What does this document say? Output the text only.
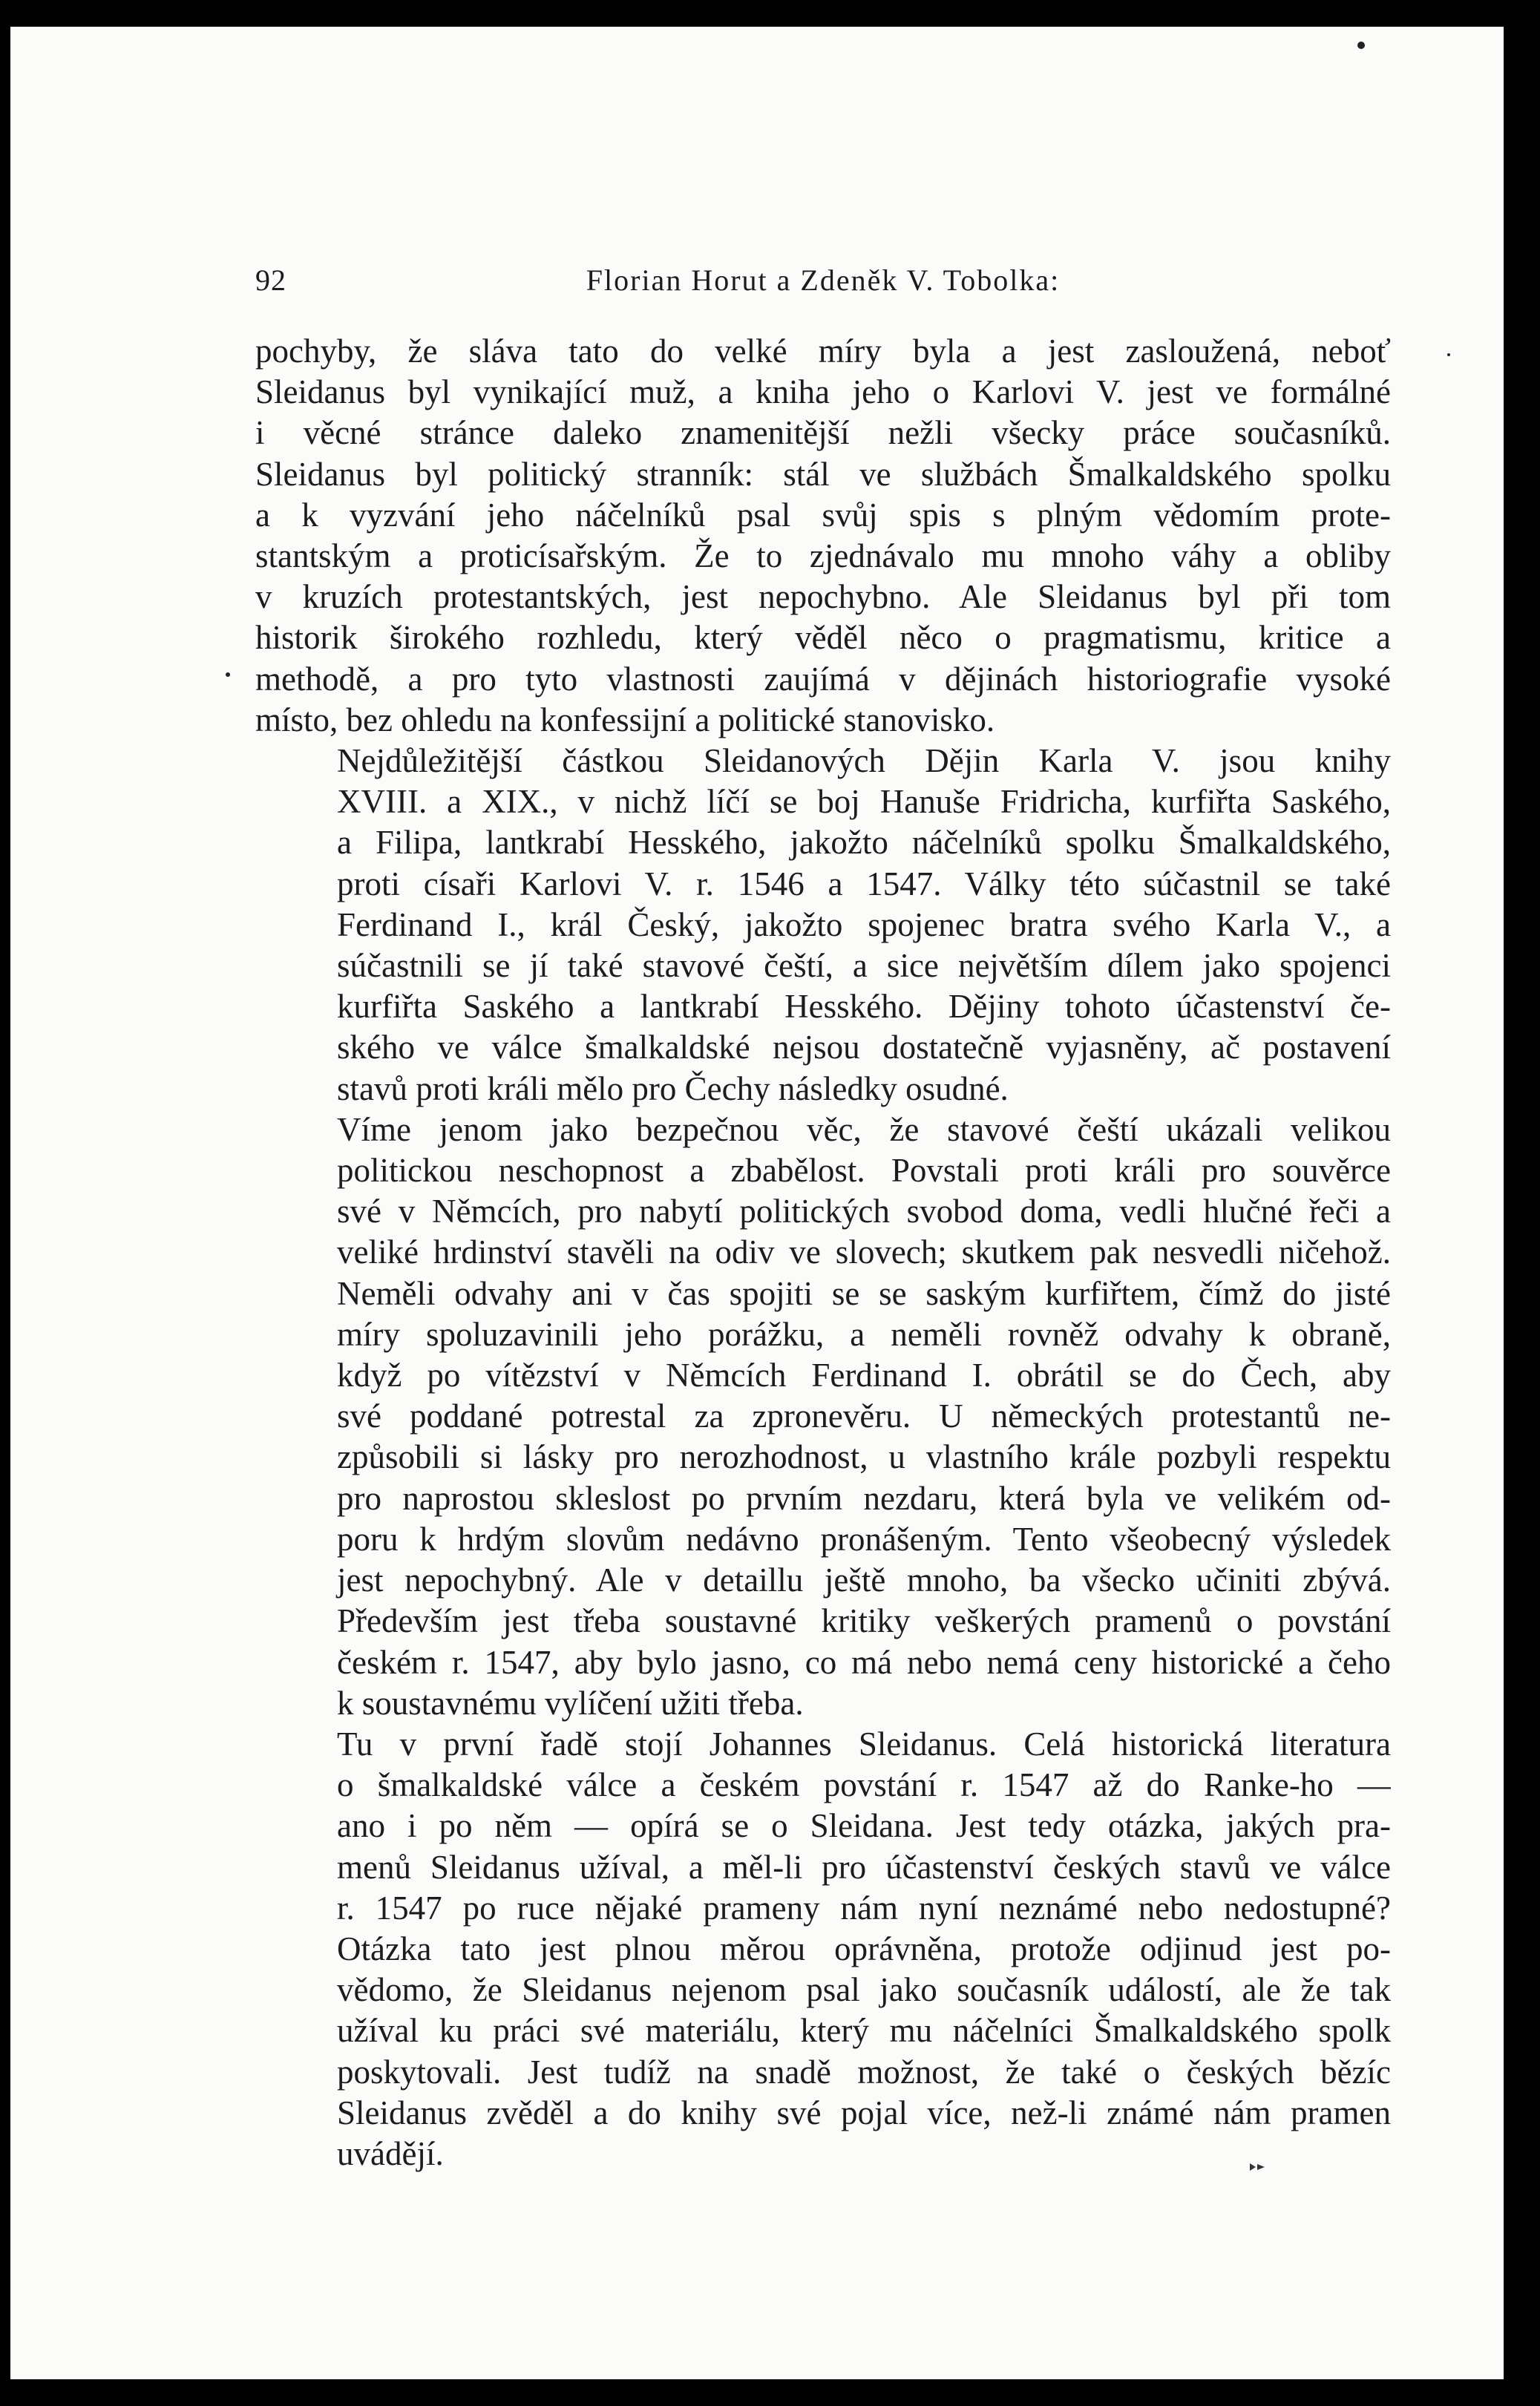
92	Florian Horut a Zdeněk V. Tobolka:

pochyby, že sláva tato do velké míry byla a jest zasloužená, neboť
Sleidanus byl vynikající muž, a kniha jeho o Karlovi V. jest ve formálné
i věcné stránce daleko znamenitější nežli všecky práce současníků.
Sleidanus byl politický stranník: stál ve službách Šmalkaldského spolku
a k vyzvání jeho náčelníků psal svůj spis s plným vědomím prote-
stantským a proticísařským. Že to zjednávalo mu mnoho váhy a obliby
v kruzích protestantských, jest nepochybno. Ale Sleidanus byl při tom
historik širokého rozhledu, který věděl něco o pragmatismu, kritice a
methodě, a pro tyto vlastnosti zaujímá v dějinách historiografie vysoké
místo, bez ohledu na konfessijní a politické stanovisko.

Nejdůležitější částkou Sleidanových Dějin Karla V. jsou knihy
XVIII. a XIX., v nichž líčí se boj Hanuše Fridricha, kurfiřta Saského,
a Filipa, lantkrabí Hesského, jakožto náčelníků spolku Šmalkaldského,
proti císaři Karlovi V. r. 1546 a 1547. Války této súčastnil se také
Ferdinand I., král Český, jakožto spojenec bratra svého Karla V., a
súčastnili se jí také stavové čeští, a sice největším dílem jako spojenci
kurfiřta Saského a lantkrabí Hesského. Dějiny tohoto účastenství če-
ského ve válce šmalkaldské nejsou dostatečně vyjasněny, ač postavení
stavů proti králi mělo pro Čechy následky osudné.

Víme jenom jako bezpečnou věc, že stavové čeští ukázali velikou
politickou neschopnost a zbabělost. Povstali proti králi pro souvěrce
své v Němcích, pro nabytí politických svobod doma, vedli hlučné řeči a
veliké hrdinství stavěli na odiv ve slovech; skutkem pak nesvedli ničehož.
Neměli odvahy ani v čas spojiti se se saským kurfiřtem, čímž do jisté
míry spoluzavinili jeho porážku, a neměli rovněž odvahy k obraně,
když po vítězství v Němcích Ferdinand I. obrátil se do Čech, aby
své poddané potrestal za zpronevěru. U německých protestantů ne-
způsobili si lásky pro nerozhodnost, u vlastního krále pozbyli respektu
pro naprostou skleslost po prvním nezdaru, která byla ve velikém od-
poru k hrdým slovům nedávno pronášeným. Tento všeobecný výsledek
jest nepochybný. Ale v detaillu ještě mnoho, ba všecko učiniti zbývá.
Především jest třeba soustavné kritiky veškerých pramenů o povstání
českém r. 1547, aby bylo jasno, co má nebo nemá ceny historické a čeho
k soustavnému vylíčení užiti třeba.

Tu v první řadě stojí Johannes Sleidanus. Celá historická literatura
o šmalkaldské válce a českém povstání r. 1547 až do Ranke-ho —
ano i po něm — opírá se o Sleidana. Jest tedy otázka, jakých pra-
menů Sleidanus užíval, a měl-li pro účastenství českých stavů ve válce
r. 1547 po ruce nějaké prameny nám nyní neznámé nebo nedostupné?
Otázka tato jest plnou měrou oprávněna, protože odjinud jest po-
vědomo, že Sleidanus nejenom psal jako současník událostí, ale že tak
užíval ku práci své materiálu, který mu náčelníci Šmalkaldského spolk
poskytovali. Jest tudíž na snadě možnost, že také o českých bězíc
Sleidanus zvěděl a do knihy své pojal více, než-li známé nám pramen
uvádějí.
